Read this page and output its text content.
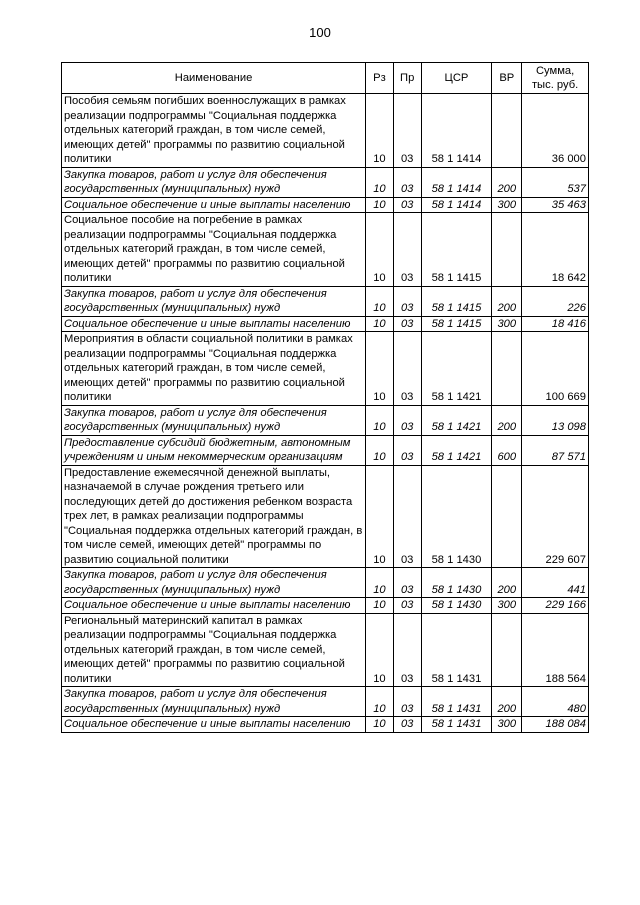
100
Наименование	Рз	Пр	ЦСР	ВР	Сумма, тыс. руб.
Пособия семьям погибших военнослужащих в рамках реализации подпрограммы "Социальная поддержка отдельных категорий граждан, в том числе семей, имеющих детей" программы по развитию социальной политики	10	03	58 1 1414		36 000
Закупка товаров, работ и услуг для обеспечения государственных (муниципальных) нужд	10	03	58 1 1414	200	537
Социальное обеспечение и иные выплаты населению	10	03	58 1 1414	300	35 463
Социальное пособие на погребение в рамках реализации подпрограммы "Социальная поддержка отдельных категорий граждан, в том числе семей, имеющих детей" программы по развитию социальной политики	10	03	58 1 1415		18 642
Закупка товаров, работ и услуг для обеспечения государственных (муниципальных) нужд	10	03	58 1 1415	200	226
Социальное обеспечение и иные выплаты населению	10	03	58 1 1415	300	18 416
Мероприятия в области социальной политики в рамках реализации подпрограммы "Социальная поддержка отдельных категорий граждан, в том числе семей, имеющих детей" программы по развитию социальной политики	10	03	58 1 1421		100 669
Закупка товаров, работ и услуг для обеспечения государственных (муниципальных) нужд	10	03	58 1 1421	200	13 098
Предоставление субсидий бюджетным, автономным учреждениям и иным некоммерческим организациям	10	03	58 1 1421	600	87 571
Предоставление ежемесячной денежной выплаты, назначаемой в случае рождения третьего или последующих детей до достижения ребенком возраста трех лет, в рамках реализации подпрограммы "Социальная поддержка отдельных категорий граждан, в том числе семей, имеющих детей" программы по развитию социальной политики	10	03	58 1 1430		229 607
Закупка товаров, работ и услуг для обеспечения государственных (муниципальных) нужд	10	03	58 1 1430	200	441
Социальное обеспечение и иные выплаты населению	10	03	58 1 1430	300	229 166
Региональный материнский капитал в рамках реализации подпрограммы "Социальная поддержка отдельных категорий граждан, в том числе семей, имеющих детей" программы по развитию социальной политики	10	03	58 1 1431		188 564
Закупка товаров, работ и услуг для обеспечения государственных (муниципальных) нужд	10	03	58 1 1431	200	480
Социальное обеспечение и иные выплаты населению	10	03	58 1 1431	300	188 084
